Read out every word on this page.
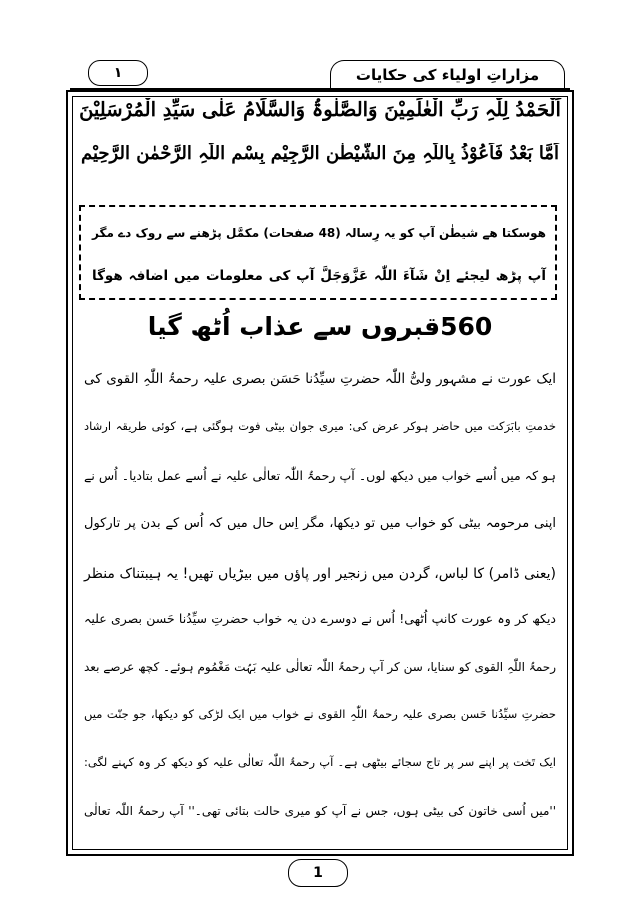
مزاراتِ اولیاء کی حکایات
۱
اَلْحَمْدُ لِلّٰہِ رَبِّ الْعٰلَمِیْنَ وَالصَّلٰوۃُ وَالسَّلَامُ عَلٰی سَیِّدِ الْمُرْسَلِیْنَ
اَمَّا بَعْدُ فَاَعُوْذُ بِاللّٰہِ مِنَ الشَّیْطٰنِ الرَّجِیْمِ بِسْمِ اللّٰہِ الرَّحْمٰنِ الرَّحِیْمِ
ھوسکتا ھے شیطٰن آپ کو یہ رِسالہ (48 صفحات) مکمَّل پڑھنے سے روک دے مگر
آپ پڑھ لیجئے اِنْ شَآءَ اللّٰہ عَزَّوَجَلَّ آپ کی معلومات میں اضافہ ھوگا
560قبروں سے عذاب اُٹھ گیا
ایک عورت نے مشہور ولیُّ اللّٰہ حضرتِ سیِّدُنا حَسَن بصری علیہ رحمۃُ اللّٰہِ القوی کی
خدمتِ بابَرَکت میں حاضر ہوکر عرض کی: میری جوان بیٹی فوت ہوگئی ہے، کوئی طریقہ ارشاد
ہو کہ میں اُسے خواب میں دیکھ لوں۔ آپ رحمۃُ اللّٰہ تعالٰی علیہ نے اُسے عمل بتادیا۔ اُس نے
اپنی مرحومہ بیٹی کو خواب میں تو دیکھا، مگر اِس حال میں کہ اُس کے بدن پر تارکول
(یعنی ڈامر) کا لباس، گردن میں زنجیر اور پاؤں میں بیڑیاں تھیں! یہ ہیبتناک منظر
دیکھ کر وہ عورت کانپ اُٹھی! اُس نے دوسرے دن یہ خواب حضرتِ سیِّدُنا حَسن بصری علیہ
رحمۃُ اللّٰہِ القوی کو سنایا، سن کر آپ رحمۃُ اللّٰہ تعالٰی علیہ بَہُت مَغْمُوم ہوئے۔ کچھ عرصے بعد
حضرتِ سیِّدُنا حَسن بصری علیہ رحمۃُ اللّٰہِ القوی نے خواب میں ایک لڑکی کو دیکھا، جو جنّت میں
ایک تَخت پر اپنے سر پر تاج سجائے بیٹھی ہے۔ آپ رحمۃُ اللّٰہ تعالٰی علیہ کو دیکھ کر وہ کہنے لگی:
''میں اُسی خاتون کی بیٹی ہوں، جس نے آپ کو میری حالت بتائی تھی۔'' آپ رحمۃُ اللّٰہ تعالٰی
1
